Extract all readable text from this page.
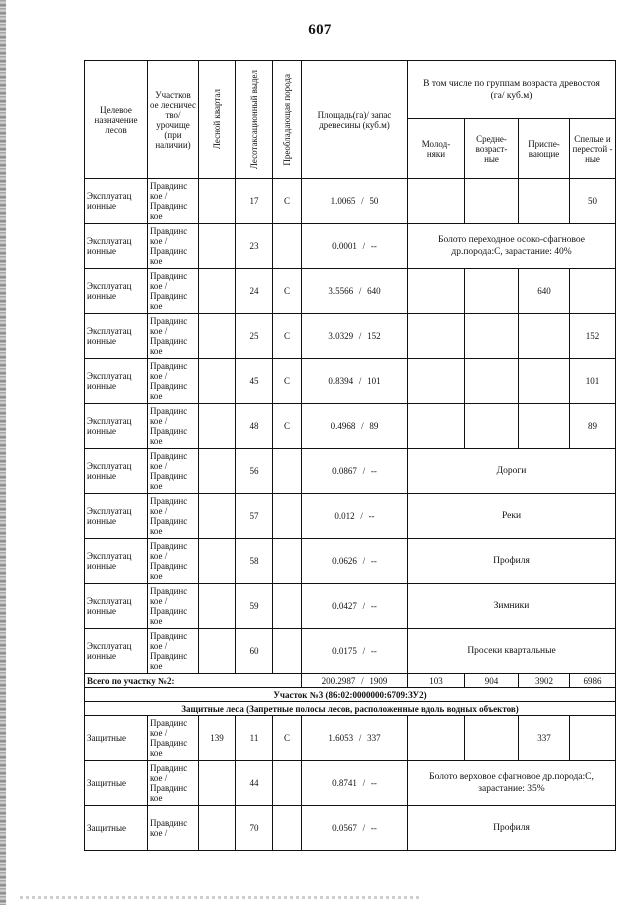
607
Целевое назначение лесов	Участков ое лесничес тво/ урочище (при наличии)	Лесной квартал	Лесотаксационный выдел	Преобладающая порода	Площадь(га)/ запас древесины (куб.м)	В том числе по группам возраста древостоя (га/ куб.м)			
						Молод-няки	Средне-возраст-ные	Приспе-вающие	Спелые и перестой - ные
Эксплуатац ионные	Правдинс кое / Правдинс кое		17	С	1.0065 / 50				50
Эксплуатац ионные	Правдинс кое / Правдинс кое		23		0.0001 / --	Болото переходное осоко-сфагновое др.порода:С, зарастание: 40%			
Эксплуатац ионные	Правдинс кое / Правдинс кое		24	С	3.5566 / 640			640	
Эксплуатац ионные	Правдинс кое / Правдинс кое		25	С	3.0329 / 152				152
Эксплуатац ионные	Правдинс кое / Правдинс кое		45	С	0.8394 / 101				101
Эксплуатац ионные	Правдинс кое / Правдинс кое		48	С	0.4968 / 89				89
Эксплуатац ионные	Правдинс кое / Правдинс кое		56		0.0867 / --	Дороги			
Эксплуатац ионные	Правдинс кое / Правдинс кое		57		0.012 / --	Реки			
Эксплуатац ионные	Правдинс кое / Правдинс кое		58		0.0626 / --	Профиля			
Эксплуатац ионные	Правдинс кое / Правдинс кое		59		0.0427 / --	Зимники			
Эксплуатац ионные	Правдинс кое / Правдинс кое		60		0.0175 / --	Просеки квартальные			
Всего по участку №2:					200.2987 / 1909	103	904	3902	6986
Участок №3 (86:02:0000000:6709:ЗУ2)									
Защитные леса (Запретные полосы лесов, расположенные вдоль водных объектов)									
Защитные	Правдинс кое / Правдинс кое	139	11	С	1.6053 / 337			337	
Защитные	Правдинс кое / Правдинс кое		44		0.8741 / --	Болото верховое сфагновое др.порода:С, зарастание: 35%			
Защитные	Правдинс кое /		70		0.0567 / --	Профиля			
